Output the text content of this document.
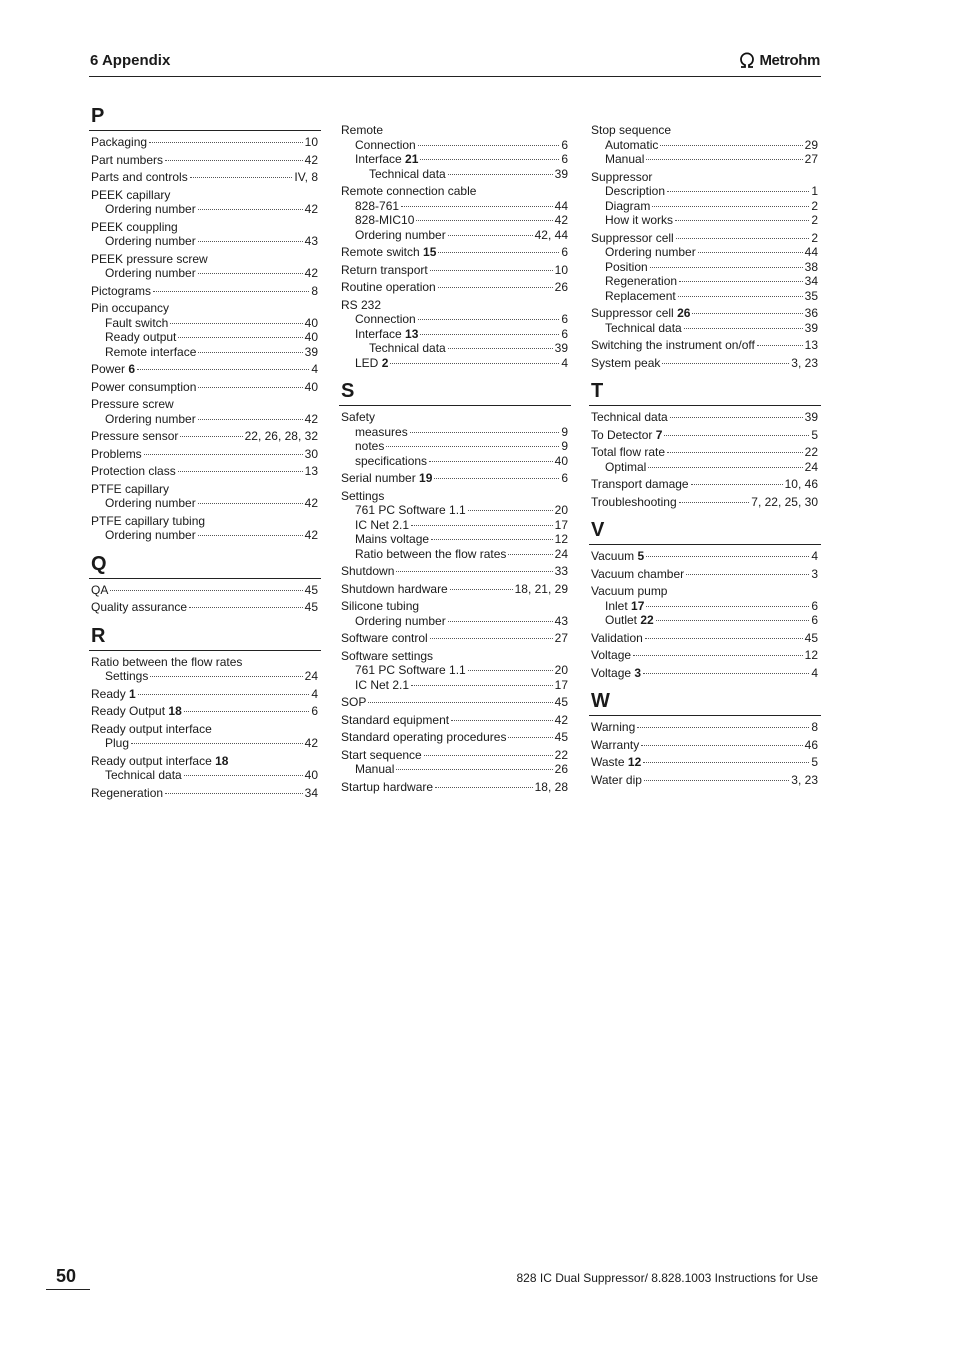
6 Appendix	Metrohm
P
Packaging	10
Part numbers	42
Parts and controls	IV, 8
PEEK capillary
Ordering number	42
PEEK couppling
Ordering number	43
PEEK pressure screw
Ordering number	42
Pictograms	8
Pin occupancy
Fault switch	40
Ready output	40
Remote interface	39
Power 6	4
Power consumption	40
Pressure screw
Ordering number	42
Pressure sensor	22, 26, 28, 32
Problems	30
Protection class	13
PTFE capillary
Ordering number	42
PTFE capillary tubing
Ordering number	42
Q
QA	45
Quality assurance	45
R
Ratio between the flow rates
Settings	24
Ready 1	4
Ready Output 18	6
Ready output interface
Plug	42
Ready output interface 18
Technical data	40
Regeneration	34
Remote
Connection	6
Interface 21	6
Technical data	39
Remote connection cable
828-761	44
828-MIC10	42
Ordering number	42, 44
Remote switch 15	6
Return transport	10
Routine operation	26
RS 232
Connection	6
Interface 13	6
Technical data	39
LED 2	4
S
Safety
measures	9
notes	9
specifications	40
Serial number 19	6
Settings
761 PC Software 1.1	20
IC Net 2.1	17
Mains voltage	12
Ratio between the flow rates	24
Shutdown	33
Shutdown hardware	18, 21, 29
Silicone tubing
Ordering number	43
Software control	27
Software settings
761 PC Software 1.1	20
IC Net 2.1	17
SOP	45
Standard equipment	42
Standard operating procedures	45
Start sequence	22
Manual	26
Startup hardware	18, 28
Stop sequence
Automatic	29
Manual	27
Suppressor
Description	1
Diagram	2
How it works	2
Suppressor cell	2
Ordering number	44
Position	38
Regeneration	34
Replacement	35
Suppressor cell 26	36
Technical data	39
Switching the instrument on/off	13
System peak	3, 23
T
Technical data	39
To Detector 7	5
Total flow rate	22
Optimal	24
Transport damage	10, 46
Troubleshooting	7, 22, 25, 30
V
Vacuum 5	4
Vacuum chamber	3
Vacuum pump
Inlet 17	6
Outlet 22	6
Validation	45
Voltage	12
Voltage 3	4
W
Warning	8
Warranty	46
Waste 12	5
Water dip	3, 23
50	828 IC Dual Suppressor/ 8.828.1003 Instructions for Use
